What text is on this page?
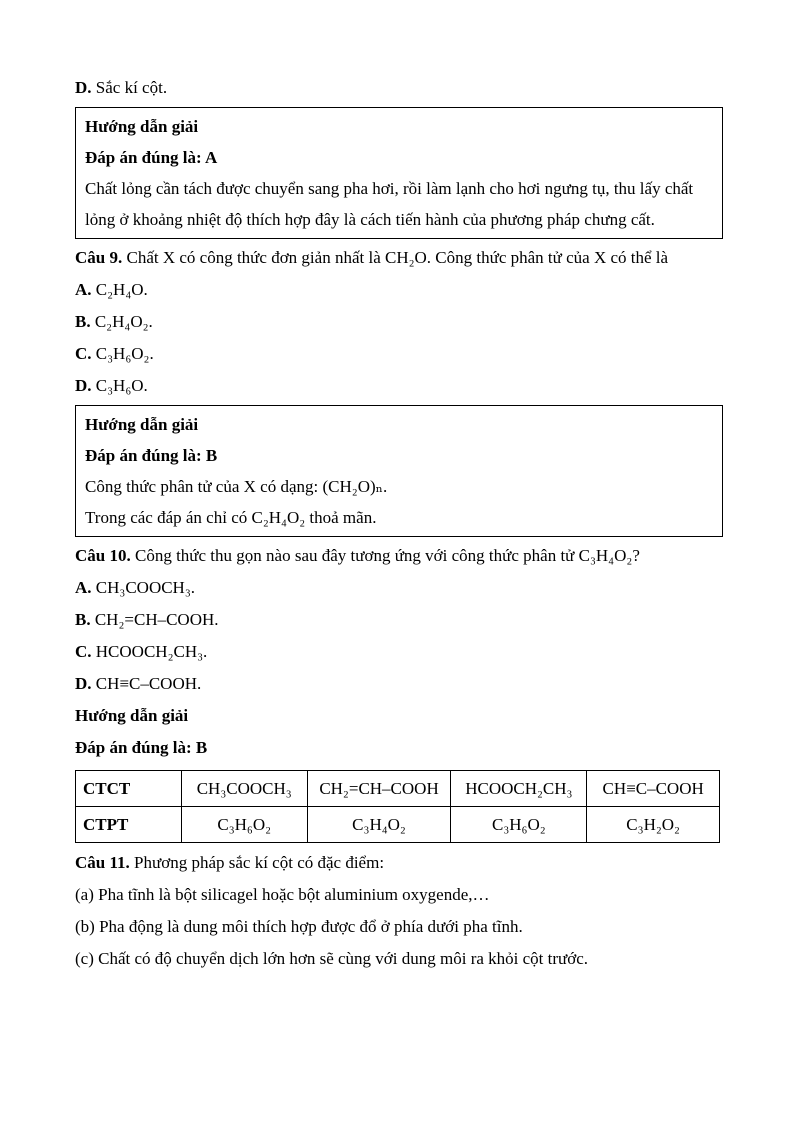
D. Sắc kí cột.

Hướng dẫn giải

Đáp án đúng là: A

Chất lỏng cần tách được chuyển sang pha hơi, rồi làm lạnh cho hơi ngưng tụ, thu lấy chất lỏng ở khoảng nhiệt độ thích hợp đây là cách tiến hành của phương pháp chưng cất.

Câu 9. Chất X có công thức đơn giản nhất là CH₂O. Công thức phân tử của X có thể là

A. C₂H₄O.

B. C₂H₄O₂.

C. C₃H₆O₂.

D. C₃H₆O.

Hướng dẫn giải

Đáp án đúng là: B

Công thức phân tử của X có dạng: (CH₂O)ₙ.

Trong các đáp án chỉ có C₂H₄O₂ thoả mãn.

Câu 10. Công thức thu gọn nào sau đây tương ứng với công thức phân tử C₃H₄O₂?

A. CH₃COOCH₃.

B. CH₂=CH–COOH.

C. HCOOCH₂CH₃.

D. CH≡C–COOH.

Hướng dẫn giải

Đáp án đúng là: B

CTCT	CH₃COOCH₃	CH₂=CH–COOH	HCOOCH₂CH₃	CH≡C–COOH
CTPT	C₃H₆O₂	C₃H₄O₂	C₃H₆O₂	C₃H₂O₂

Câu 11. Phương pháp sắc kí cột có đặc điểm:

(a) Pha tĩnh là bột silicagel hoặc bột aluminium oxygende,…

(b) Pha động là dung môi thích hợp được đổ ở phía dưới pha tĩnh.

(c) Chất có độ chuyển dịch lớn hơn sẽ cùng với dung môi ra khỏi cột trước.
